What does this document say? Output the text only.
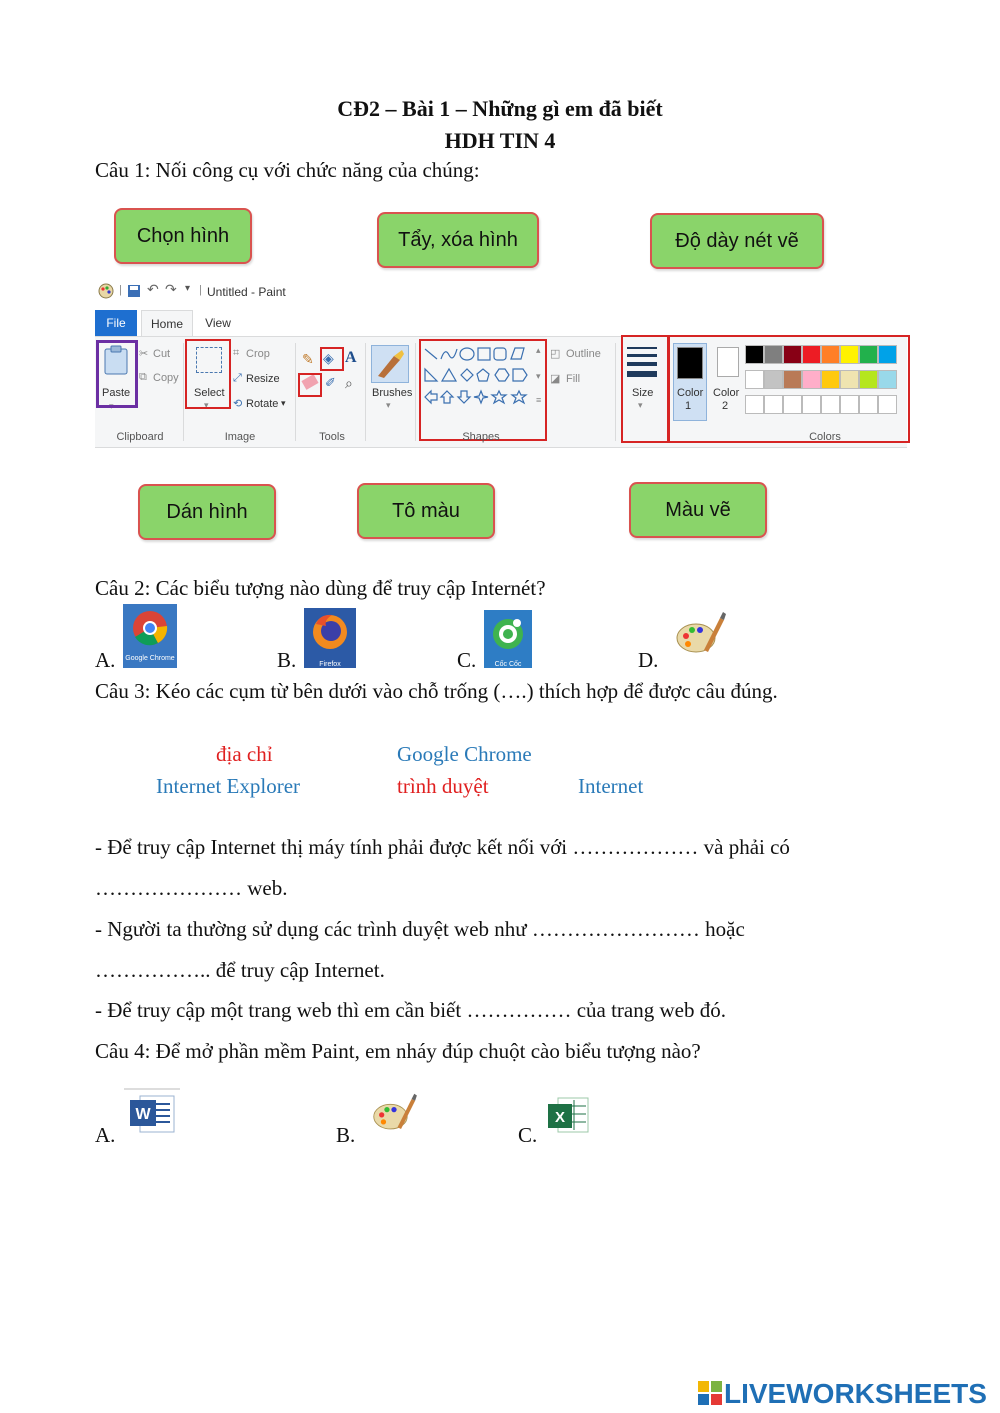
CĐ2 – Bài 1 – Những gì em đã biết
HDH TIN 4
Câu 1: Nối công cụ với chức năng của chúng:
Chọn hình	Tẩy, xóa hình	Độ dày nét vẽ
| ↶ ↷ ▾ | Untitled - Paint
File	Home	View
Paste
▾
✂ Cut
⧉ Copy
Clipboard
Select
▾
⌗ Crop
⤢ Resize
⟲ Rotate ▾
Image
✎ ◈ A
✐ ⌕
Tools
Brushes
▾
▴
▾
≡
Shapes
◰ Outline
◪ Fill
Size
▾
Color
1
Color
2
Colors
Dán hình	Tô màu	Màu vẽ
Câu 2: Các biểu tượng nào dùng để truy cập Internét?
A.	Google Chrome	B.	Firefox	C.	Cốc Cốc	D.
Câu 3: Kéo các cụm từ bên dưới vào chỗ trống (….) thích hợp để được câu đúng.
địa chỉ	Google Chrome
Internet Explorer	trình duyệt	Internet
- Để truy cập Internet thị máy tính phải được kết nối với ……………… và phải có
………………… web.
- Người ta thường sử dụng các trình duyệt web như …………………… hoặc
…………….. để truy cập Internet.
- Để truy cập một trang web thì em cần biết …………… của trang web đó.
Câu 4: Để mở phần mềm Paint, em nháy đúp chuột cào biểu tượng nào?
A.
W
B.	C.
X
LIVEWORKSHEETS
